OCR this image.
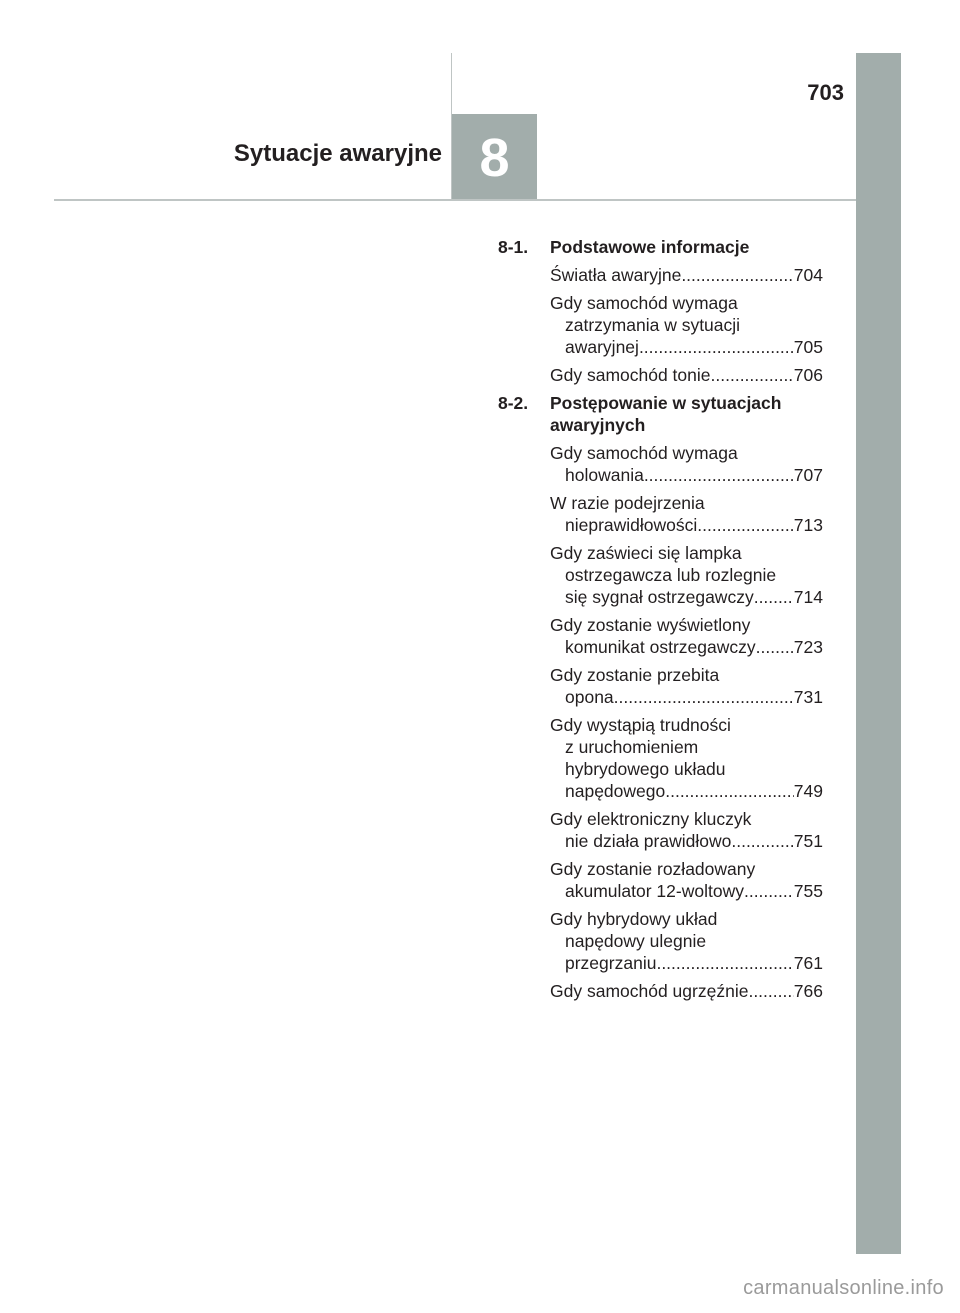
703
Sytuacje awaryjne 8
8-1. Podstawowe informacje
Światła awaryjne .....	704
Gdy samochód wymaga
zatrzymania w sytuacji
awaryjnej .....	705
Gdy samochód tonie .....	706
8-2. Postępowanie w sytuacjach
awaryjnych
Gdy samochód wymaga
holowania .....	707
W razie podejrzenia
nieprawidłowości .....	713
Gdy zaświeci się lampka
ostrzegawcza lub rozlegnie
się sygnał ostrzegawczy ..... 714
Gdy zostanie wyświetlony
komunikat ostrzegawczy ..... 723
Gdy zostanie przebita
opona .....	731
Gdy wystąpią trudności
z uruchomieniem
hybrydowego układu
napędowego .....	749
Gdy elektroniczny kluczyk
nie działa prawidłowo .....	751
Gdy zostanie rozładowany
akumulator 12-woltowy .....	755
Gdy hybrydowy układ
napędowy ulegnie
przegrzaniu .....	761
Gdy samochód ugrzęźnie .....	766
carmanualsonline.info
